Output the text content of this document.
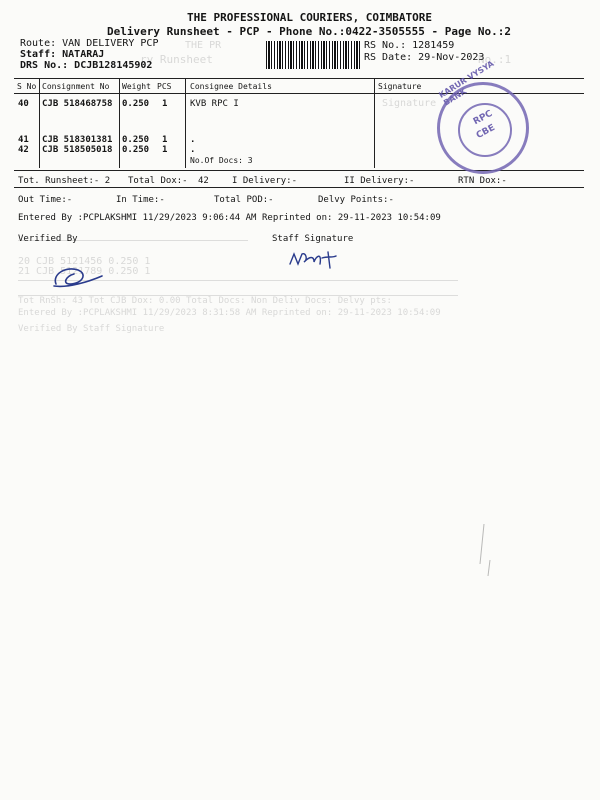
THE PR
ry Runsheet	No.:1
20 CJB 5121456 0.250 1
21 CJB 5121789 0.250 1
Tot RnSh: 43 Tot CJB Dox: 0.00 Total Docs: Non Deliv Docs: Delvy pts:
Entered By :PCPLAKSHMI 11/29/2023 8:31:58 AM Reprinted on: 29-11-2023 10:54:09
Verified By Staff Signature
Signature
THE PROFESSIONAL COURIERS, COIMBATORE
Delivery Runsheet - PCP - Phone No.:0422-3505555 - Page No.:2
Route: VAN DELIVERY PCP
Staff: NATARAJ
DRS No.: DCJB128145902
RS No.: 1281459
RS Date: 29-Nov-2023
S No Consignment No Weight PCS Consignee Details	Signature
40 CJB 518468758 0.250 1	KVB RPC I
41 CJB 518301381 0.250 1	.
42 CJB 518505018 0.250 1	.
No.Of Docs: 3
KARUR VYSYA BANK
RPC
CBE
Tot. Runsheet:- 2 Total Dox:- 42	I Delivery:-	II Delivery:-	RTN Dox:-
Out Time:-	In Time:-	Total POD:-	Delvy Points:-
Entered By :PCPLAKSHMI 11/29/2023 9:06:44 AM Reprinted on: 29-11-2023 10:54:09
Verified By	Staff Signature
